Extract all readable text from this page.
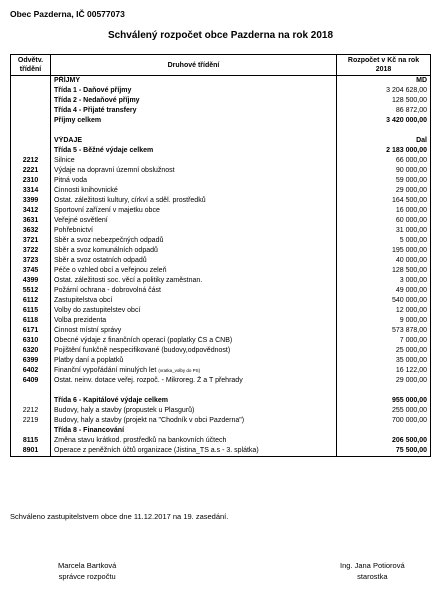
Obec Pazderna, IČ 00577073
Schválený rozpočet obce Pazderna na rok 2018
Odvětv. třídění	Druhové třídění	Rozpočet v Kč na rok 2018
	PŘÍJMY	MD
	Třída 1 - Daňové příjmy	3 204 628,00
	Třída 2 - Nedaňové příjmy	128 500,00
	Třída 4 - Přijaté transfery	86 872,00
	Příjmy celkem	3 420 000,00

	VÝDAJE	Dal
	Třída 5 - Běžné výdaje celkem	2 183 000,00
2212	Silnice	66 000,00
2221	Výdaje na dopravní územní obslužnost	90 000,00
2310	Pitná voda	59 000,00
3314	Činnosti knihovnické	29 000,00
3399	Ostat. záležitosti kultury, církví a sděl. prostředků	164 500,00
3412	Sportovní zařízení v majetku obce	16 000,00
3631	Veřejné osvětlení	60 000,00
3632	Pohřebnictví	31 000,00
3721	Sběr a svoz nebezpečných odpadů	5 000,00
3722	Sběr a svoz komunálních odpadů	195 000,00
3723	Sběr a svoz ostatních odpadů	40 000,00
3745	Péče o vzhled obcí a veřejnou zeleň	128 500,00
4399	Ostat. záležitosti soc. věcí a politiky zaměstnan.	3 000,00
5512	Požární ochrana - dobrovolná část	49 000,00
6112	Zastupitelstva obcí	540 000,00
6115	Volby do zastupitelstev obcí	12 000,00
6118	Volba prezidenta	9 000,00
6171	Činnost místní správy	573 878,00
6310	Obecné výdaje z finančních operací (poplatky ČS a ČNB)	7 000,00
6320	Pojištění funkčně nespecifikované (budovy,odpovědnost)	25 000,00
6399	Platby daní a poplatků	35 000,00
6402	Finanční vypořádání minulých let (vratka_volby do PS)	16 122,00
6409	Ostat. neinv. dotace veřej. rozpoč. - Mikroreg. Ž a T přehrady	29 000,00

	Třída 6 - Kapitálové výdaje celkem	955 000,00
2212	Budovy, haly a stavby (propustek u Plasgurů)	255 000,00
2219	Budovy, haly a stavby (projekt na "Chodník v obci Pazderna")	700 000,00
	Třída 8 - Financování	
8115	Změna stavu krátkod. prostředků na bankovních účtech	206 500,00
8901	Operace z peněžních účtů organizace (Jistina_TS a.s - 3. splátka)	75 500,00
Schváleno zastupitelstvem obce dne 11.12.2017 na 19. zasedání.
Marcela Bartková
správce rozpočtu
Ing. Jana Potiorová
starostka
